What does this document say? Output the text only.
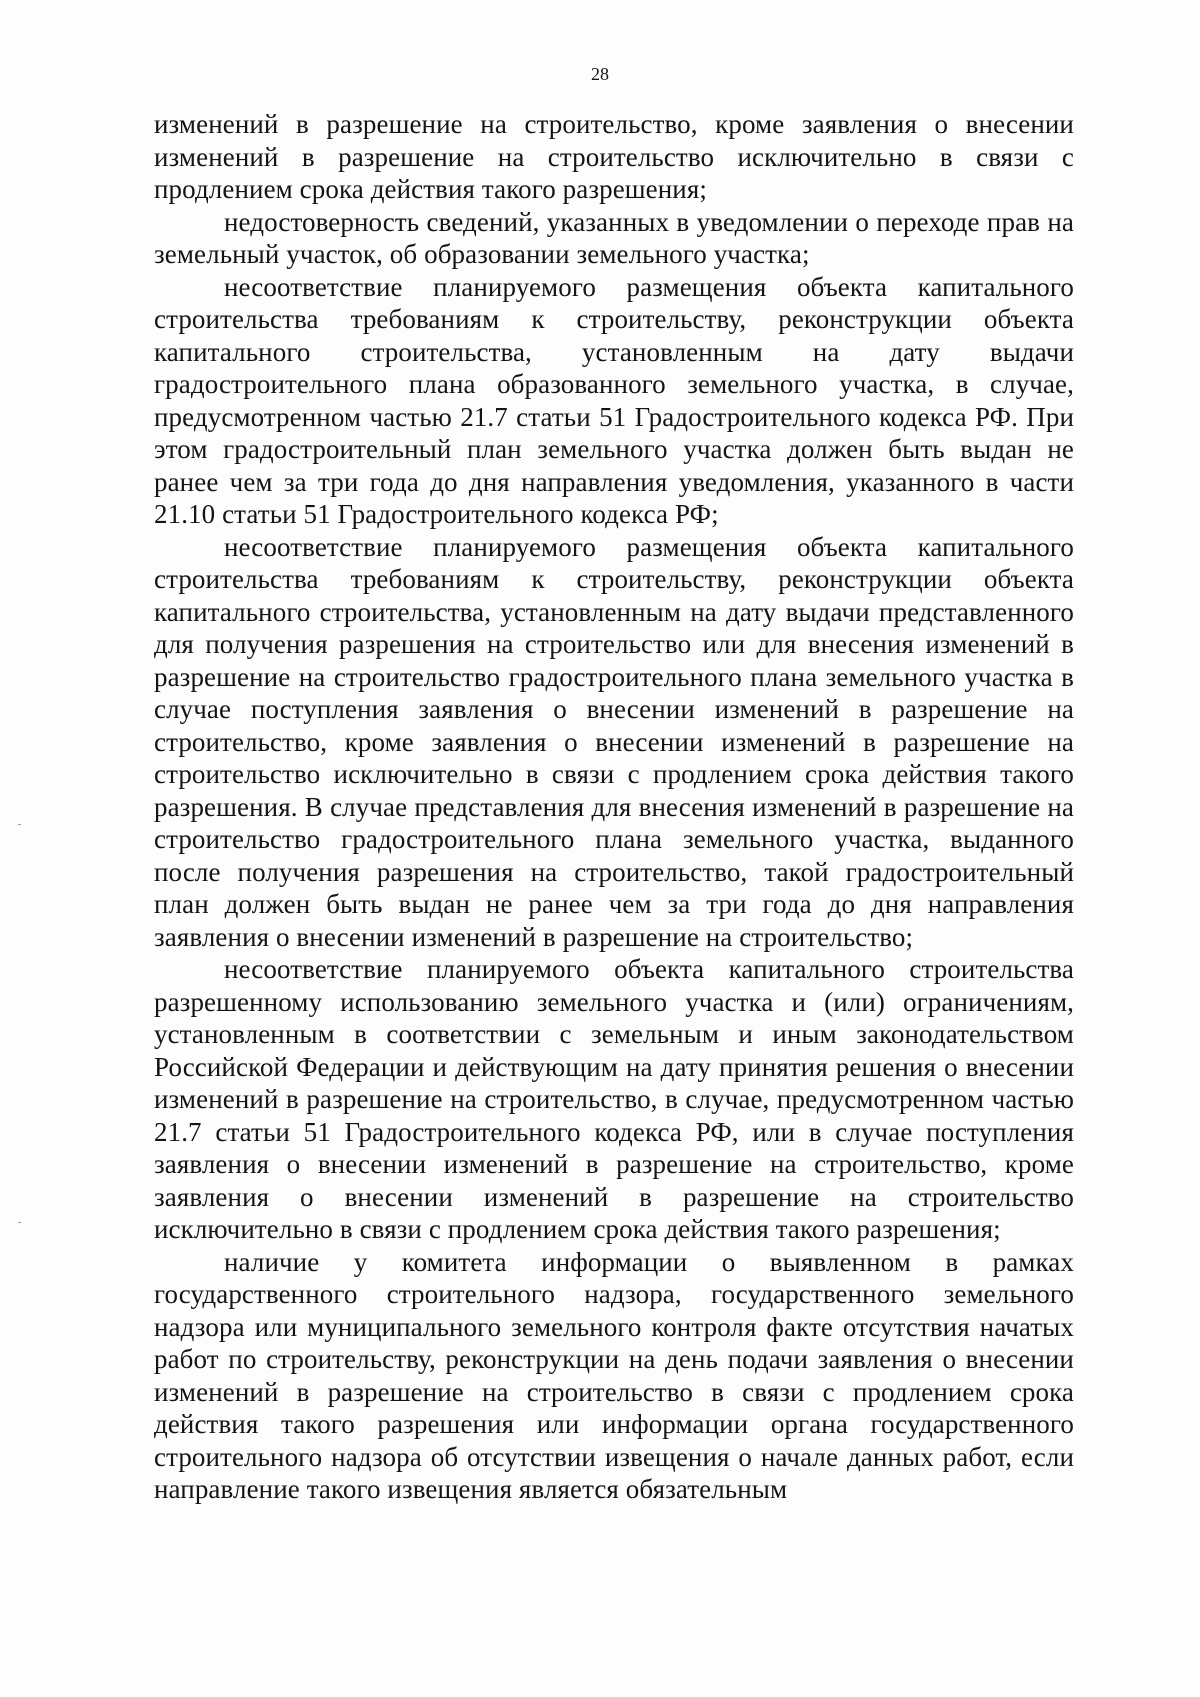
28

изменений в разрешение на строительство, кроме заявления о внесении изменений в разрешение на строительство исключительно в связи с продлением срока действия такого разрешения;

недостоверность сведений, указанных в уведомлении о переходе прав на земельный участок, об образовании земельного участка;

несоответствие планируемого размещения объекта капитального строительства требованиям к строительству, реконструкции объекта капитального строительства, установленным на дату выдачи градостроительного плана образованного земельного участка, в случае, предусмотренном частью 21.7 статьи 51 Градостроительного кодекса РФ. При этом градостроительный план земельного участка должен быть выдан не ранее чем за три года до дня направления уведомления, указанного в части 21.10 статьи 51 Градостроительного кодекса РФ;

несоответствие планируемого размещения объекта капитального строительства требованиям к строительству, реконструкции объекта капитального строительства, установленным на дату выдачи представленного для получения разрешения на строительство или для внесения изменений в разрешение на строительство градостроительного плана земельного участка в случае поступления заявления о внесении изменений в разрешение на строительство, кроме заявления о внесении изменений в разрешение на строительство исключительно в связи с продлением срока действия такого разрешения. В случае представления для внесения изменений в разрешение на строительство градостроительного плана земельного участка, выданного после получения разрешения на строительство, такой градостроительный план должен быть выдан не ранее чем за три года до дня направления заявления о внесении изменений в разрешение на строительство;

несоответствие планируемого объекта капитального строительства разрешенному использованию земельного участка и (или) ограничениям, установленным в соответствии с земельным и иным законодательством Российской Федерации и действующим на дату принятия решения о внесении изменений в разрешение на строительство, в случае, предусмотренном частью 21.7 статьи 51 Градостроительного кодекса РФ, или в случае поступления заявления о внесении изменений в разрешение на строительство, кроме заявления о внесении изменений в разрешение на строительство исключительно в связи с продлением срока действия такого разрешения;

наличие у комитета информации о выявленном в рамках государственного строительного надзора, государственного земельного надзора или муниципального земельного контроля факте отсутствия начатых работ по строительству, реконструкции на день подачи заявления о внесении изменений в разрешение на строительство в связи с продлением срока действия такого разрешения или информации органа государственного строительного надзора об отсутствии извещения о начале данных работ, если направление такого извещения является обязательным
